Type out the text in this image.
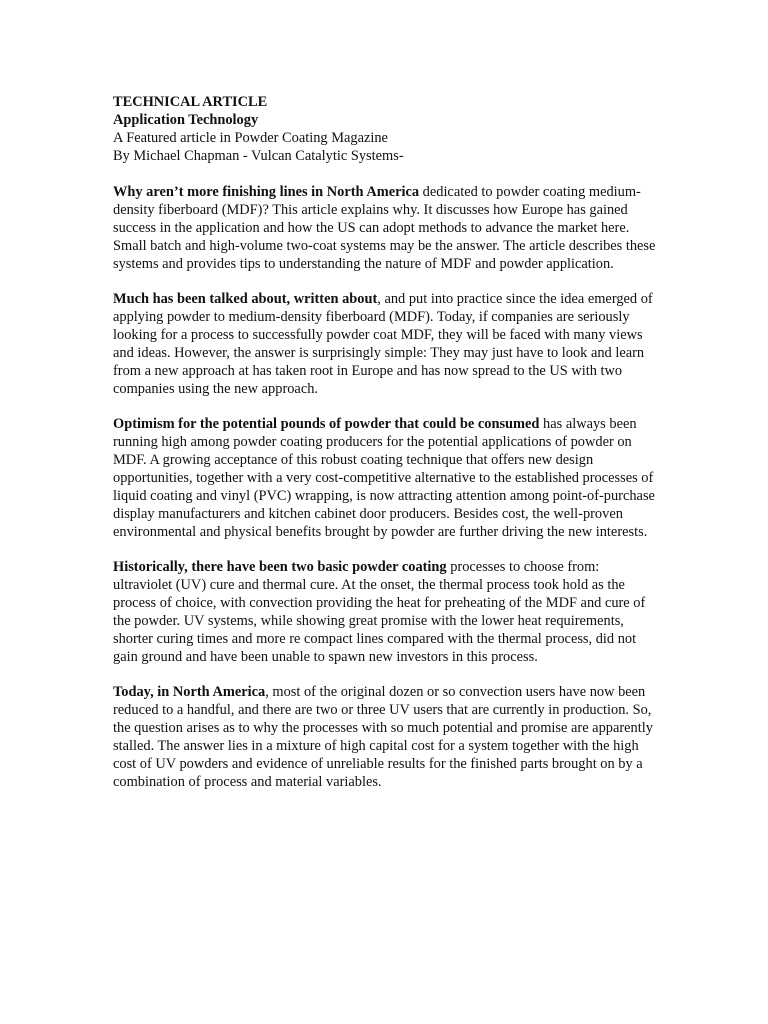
TECHNICAL ARTICLE
Application Technology
A Featured article in Powder Coating Magazine
By Michael Chapman - Vulcan Catalytic Systems-

Why aren’t more finishing lines in North America dedicated to powder coating medium-density fiberboard (MDF)? This article explains why. It discusses how Europe has gained success in the application and how the US can adopt methods to advance the market here. Small batch and high-volume two-coat systems may be the answer. The article describes these systems and provides tips to understanding the nature of MDF and powder application.

Much has been talked about, written about, and put into practice since the idea emerged of applying powder to medium-density fiberboard (MDF). Today, if companies are seriously looking for a process to successfully powder coat MDF, they will be faced with many views and ideas. However, the answer is surprisingly simple: They may just have to look and learn from a new approach at has taken root in Europe and has now spread to the US with two companies using the new approach.

Optimism for the potential pounds of powder that could be consumed has always been running high among powder coating producers for the potential applications of powder on MDF. A growing acceptance of this robust coating technique that offers new design opportunities, together with a very cost-competitive alternative to the established processes of liquid coating and vinyl (PVC) wrapping, is now attracting attention among point-of-purchase display manufacturers and kitchen cabinet door producers. Besides cost, the well-proven environmental and physical benefits brought by powder are further driving the new interests.

Historically, there have been two basic powder coating processes to choose from: ultraviolet (UV) cure and thermal cure. At the onset, the thermal process took hold as the process of choice, with convection providing the heat for preheating of the MDF and cure of the powder. UV systems, while showing great promise with the lower heat requirements, shorter curing times and more re compact lines compared with the thermal process, did not gain ground and have been unable to spawn new investors in this process.

Today, in North America, most of the original dozen or so convection users have now been reduced to a handful, and there are two or three UV users that are currently in production. So, the question arises as to why the processes with so much potential and promise are apparently stalled. The answer lies in a mixture of high capital cost for a system together with the high cost of UV powders and evidence of unreliable results for the finished parts brought on by a combination of process and material variables.
